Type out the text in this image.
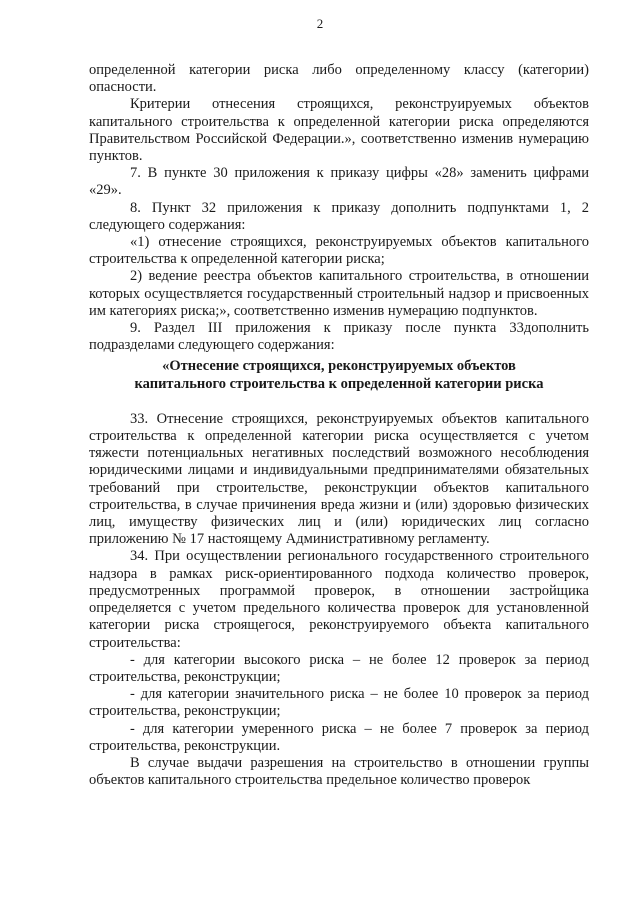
2

определенной категории риска либо определенному классу (категории) опасности.

Критерии отнесения строящихся, реконструируемых объектов капитального строительства к определенной категории риска определяются Правительством Российской Федерации.», соответственно изменив нумерацию пунктов.

7. В пункте 30 приложения к приказу цифры «28» заменить цифрами «29».

8. Пункт 32 приложения к приказу дополнить подпунктами 1, 2 следующего содержания:

«1) отнесение строящихся, реконструируемых объектов капитального строительства к определенной категории риска;

2) ведение реестра объектов капитального строительства, в отношении которых осуществляется государственный строительный надзор и присвоенных им категориях риска;», соответственно изменив нумерацию подпунктов.

9. Раздел III приложения к приказу после пункта 33дополнить подразделами следующего содержания:

«Отнесение строящихся, реконструируемых объектов
капитального строительства к определенной категории риска

33. Отнесение строящихся, реконструируемых объектов капитального строительства к определенной категории риска осуществляется с учетом тяжести потенциальных негативных последствий возможного несоблюдения юридическими лицами и индивидуальными предпринимателями обязательных требований при строительстве, реконструкции объектов капитального строительства, в случае причинения вреда жизни и (или) здоровью физических лиц, имуществу физических лиц и (или) юридических лиц согласно приложению № 17 настоящему Административному регламенту.

34. При осуществлении регионального государственного строительного надзора в рамках риск-ориентированного подхода количество проверок, предусмотренных программой проверок, в отношении застройщика определяется с учетом предельного количества проверок для установленной категории риска строящегося, реконструируемого объекта капитального строительства:

- для категории высокого риска – не более 12 проверок за период строительства, реконструкции;

- для категории значительного риска – не более 10 проверок за период строительства, реконструкции;

- для категории умеренного риска – не более 7 проверок за период строительства, реконструкции.

В случае выдачи разрешения на строительство в отношении группы объектов капитального строительства предельное количество проверок
